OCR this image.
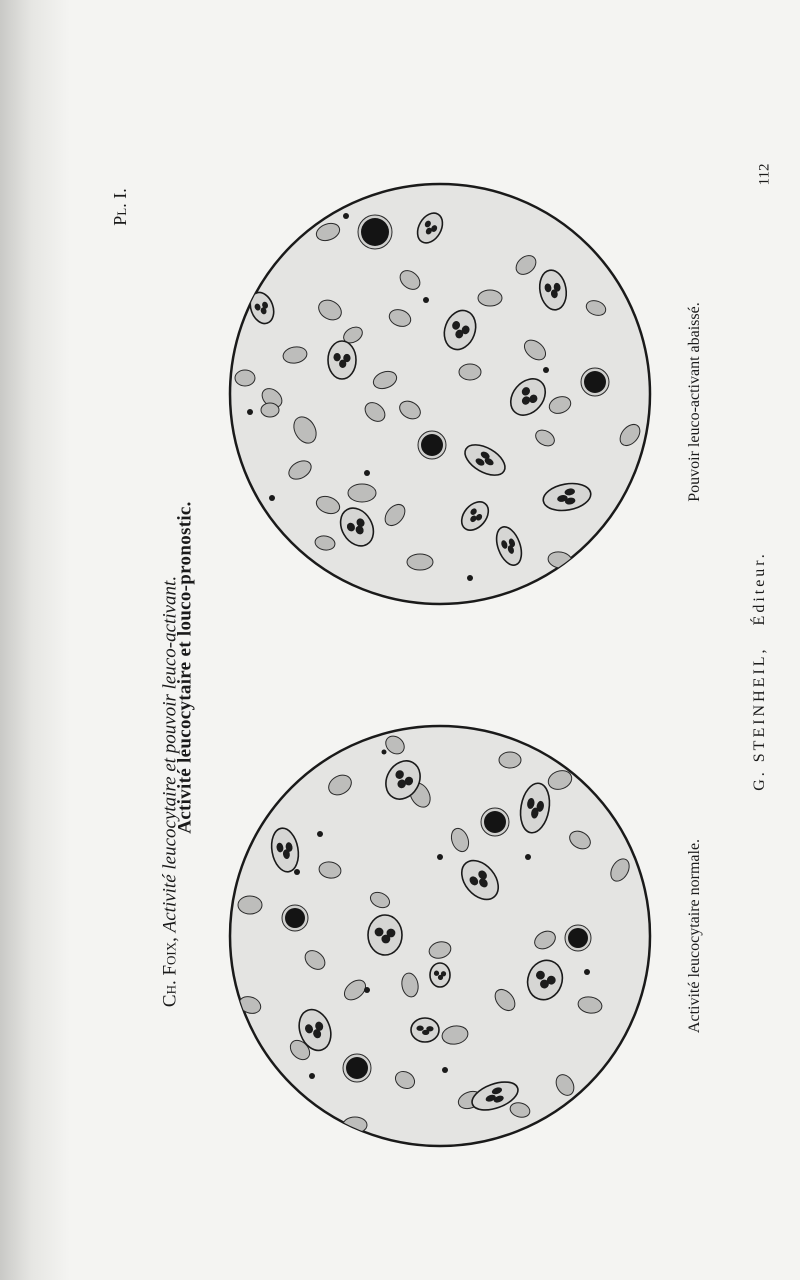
Ch. Foix, Activité leucocytaire et pouvoir leuco-activant.
Pl. I.
Activité leucocytaire et louco-pronostic.
Activité leucocytaire normale.
Pouvoir leuco-activant abaissé.
G. STEINHEIL,   Éditeur.
112
